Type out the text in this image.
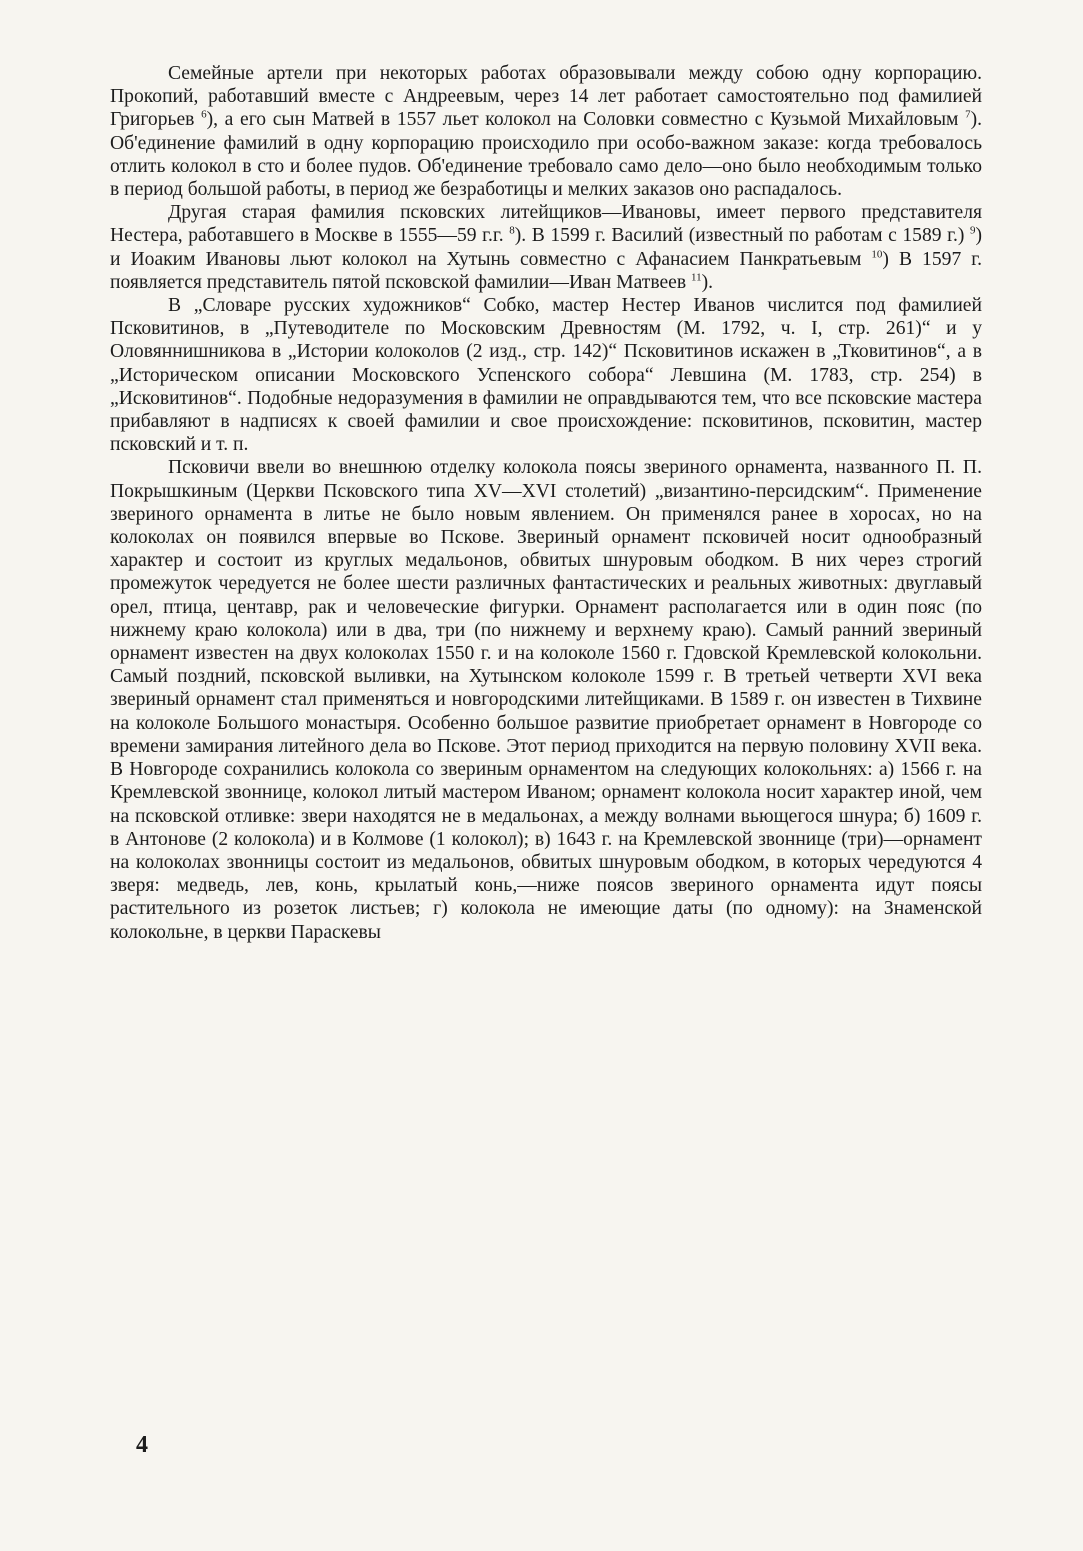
Семейные артели при некоторых работах образовывали между собою одну корпорацию. Прокопий, работавший вместе с Андреевым, через 14 лет работает самостоятельно под фамилией Григорьев $^6$), а его сын Матвей в 1557 льет колокол на Соловки совместно с Кузьмой Михайловым $^7$). Об'единение фамилий в одну корпорацию происходило при особо-важном заказе: когда требовалось отлить колокол в сто и более пудов. Об'единение требовало само дело—оно было необходимым только в период большой работы, в период же безработицы и мелких заказов оно распадалось.

Другая старая фамилия псковских литейщиков—Ивановы, имеет первого представителя Нестера, работавшего в Москве в 1555—59 г.г. $^8$). В 1599 г. Василий (известный по работам с 1589 г.) $^9$) и Иоаким Ивановы льют колокол на Хутынь совместно с Афанасием Панкратьевым $^{10}$) В 1597 г. появляется представитель пятой псковской фамилии—Иван Матвеев $^{11}$).

В „Словаре русских художников“ Собко, мастер Нестер Иванов числится под фамилией Псковитинов, в „Путеводителе по Московским Древностям (М. 1792, ч. I, стр. 261)“ и у Оловяннишникова в „Истории колоколов (2 изд., стр. 142)“ Псковитинов искажен в „Тковитинов“, а в „Историческом описании Московского Успенского собора“ Левшина (М. 1783, стр. 254) в „Исковитинов“. Подобные недоразумения в фамилии не оправдываются тем, что все псковские мастера прибавляют в надписях к своей фамилии и свое происхождение: псковитинов, псковитин, мастер псковский и т. п.

Псковичи ввели во внешнюю отделку колокола поясы звериного орнамента, названного П. П. Покрышкиным (Церкви Псковского типа XV—XVI столетий) „византино-персидским“. Применение звериного орнамента в литье не было новым явлением. Он применялся ранее в хоросах, но на колоколах он появился впервые во Пскове. Звериный орнамент псковичей носит однообразный характер и состоит из круглых медальонов, обвитых шнуровым ободком. В них через строгий промежуток чередуется не более шести различных фантастических и реальных животных: двуглавый орел, птица, центавр, рак и человеческие фигурки. Орнамент располагается или в один пояс (по нижнему краю колокола) или в два, три (по нижнему и верхнему краю). Самый ранний звериный орнамент известен на двух колоколах 1550 г. и на колоколе 1560 г. Гдовской Кремлевской колокольни. Самый поздний, псковской выливки, на Хутынском колоколе 1599 г. В третьей четверти XVI века звериный орнамент стал применяться и новгородскими литейщиками. В 1589 г. он известен в Тихвине на колоколе Большого монастыря. Особенно большое развитие приобретает орнамент в Новгороде со времени замирания литейного дела во Пскове. Этот период приходится на первую половину XVII века. В Новгороде сохранились колокола со звериным орнаментом на следующих колокольнях: а) 1566 г. на Кремлевской звоннице, колокол литый мастером Иваном; орнамент колокола носит характер иной, чем на псковской отливке: звери находятся не в медальонах, а между волнами вьющегося шнура; б) 1609 г. в Антонове (2 колокола) и в Колмове (1 колокол); в) 1643 г. на Кремлевской звоннице (три)—орнамент на колоколах звонницы состоит из медальонов, обвитых шнуровым ободком, в которых чередуются 4 зверя: медведь, лев, конь, крылатый конь,—ниже поясов звериного орнамента идут поясы растительного из розеток листьев; г) колокола не имеющие даты (по одному): на Знаменской колокольне, в церкви Параскевы

4
